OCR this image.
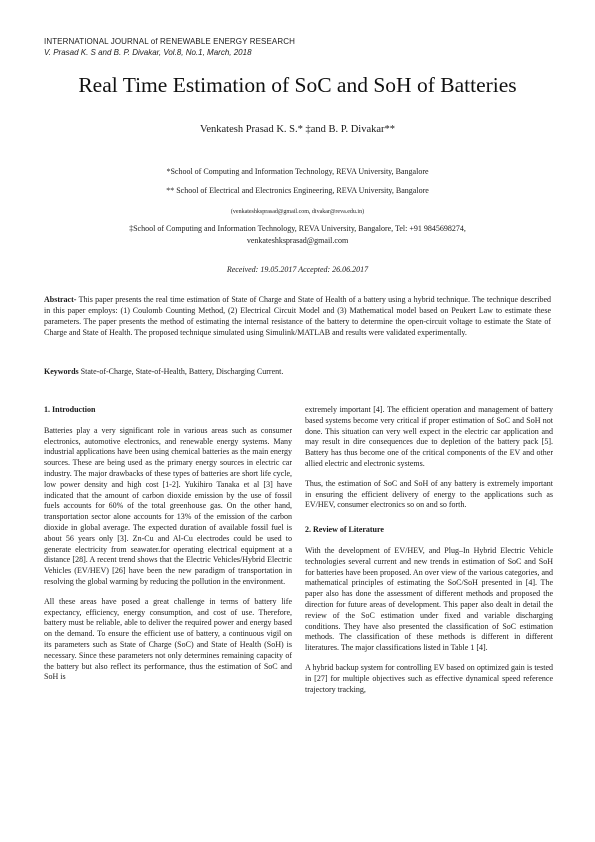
INTERNATIONAL JOURNAL of RENEWABLE ENERGY RESEARCH
V. Prasad K. S and B. P. Divakar, Vol.8, No.1, March, 2018
Real Time Estimation of SoC and SoH of Batteries
Venkatesh Prasad K. S.* ‡and B. P. Divakar**
*School of Computing and Information Technology, REVA University, Bangalore
** School of Electrical and Electronics Engineering, REVA University, Bangalore
(venkateshksprasad@gmail.com, divakar@reva.edu.in)
‡School of Computing and Information Technology, REVA University, Bangalore, Tel: +91 9845698274,
venkateshksprasad@gmail.com
Received: 19.05.2017 Accepted: 26.06.2017
Abstract- This paper presents the real time estimation of State of Charge and State of Health of a battery using a hybrid technique. The technique described in this paper employs: (1) Coulomb Counting Method, (2) Electrical Circuit Model and (3) Mathematical model based on Peukert Law to estimate these parameters. The paper presents the method of estimating the internal resistance of the battery to determine the open-circuit voltage to estimate the State of Charge and State of Health. The proposed technique simulated using Simulink/MATLAB and results were validated experimentally.
Keywords State-of-Charge, State-of-Health, Battery, Discharging Current.
1. Introduction

Batteries play a very significant role in various areas such as consumer electronics, automotive electronics, and renewable energy systems. Many industrial applications have been using chemical batteries as the main energy sources. These are being used as the primary energy sources in electric car industry. The major drawbacks of these types of batteries are short life cycle, low power density and high cost [1-2]. Yukihiro Tanaka et al [3] have indicated that the amount of carbon dioxide emission by the use of fossil fuels accounts for 60% of the total greenhouse gas. On the other hand, transportation sector alone accounts for 13% of the emission of the carbon dioxide in global average. The expected duration of available fossil fuel is about 56 years only [3]. Zn-Cu and Al-Cu electrodes could be used to generate electricity from seawater.for operating electrical equipment at a distance [28]. A recent trend shows that the Electric Vehicles/Hybrid Electric Vehicles (EV/HEV) [26] have been the new paradigm of transportation in resolving the global warming by reducing the pollution in the environment.

All these areas have posed a great challenge in terms of battery life expectancy, efficiency, energy consumption, and cost of use. Therefore, battery must be reliable, able to deliver the required power and energy based on the demand. To ensure the efficient use of battery, a continuous vigil on its parameters such as State of Charge (SoC) and State of Health (SoH) is necessary. Since these parameters not only determines remaining capacity of the battery but also reflect its performance, thus the estimation of SoC and SoH is

extremely important [4]. The efficient operation and management of battery based systems become very critical if proper estimation of SoC and SoH not done. This situation can very well expect in the electric car application and may result in dire consequences due to depletion of the battery pack [5]. Battery has thus become one of the critical components of the EV and other allied electric and electronic systems.

Thus, the estimation of SoC and SoH of any battery is extremely important in ensuring the efficient delivery of energy to the applications such as EV/HEV, consumer electronics so on and so forth.

2. Review of Literature

With the development of EV/HEV, and Plug–In Hybrid Electric Vehicle technologies several current and new trends in estimation of SoC and SoH for batteries have been proposed. An over view of the various categories, and mathematical principles of estimating the SoC/SoH presented in [4]. The paper also has done the assessment of different methods and proposed the direction for future areas of development. This paper also dealt in detail the review of the SoC estimation under fixed and variable discharging conditions. They have also presented the classification of SoC estimation methods. The classification of these methods is different in different literatures. The major classifications listed in Table 1 [4].

A hybrid backup system for controlling EV based on optimized gain is tested in [27] for multiple objectives such as effective dynamical speed reference trajectory tracking,
